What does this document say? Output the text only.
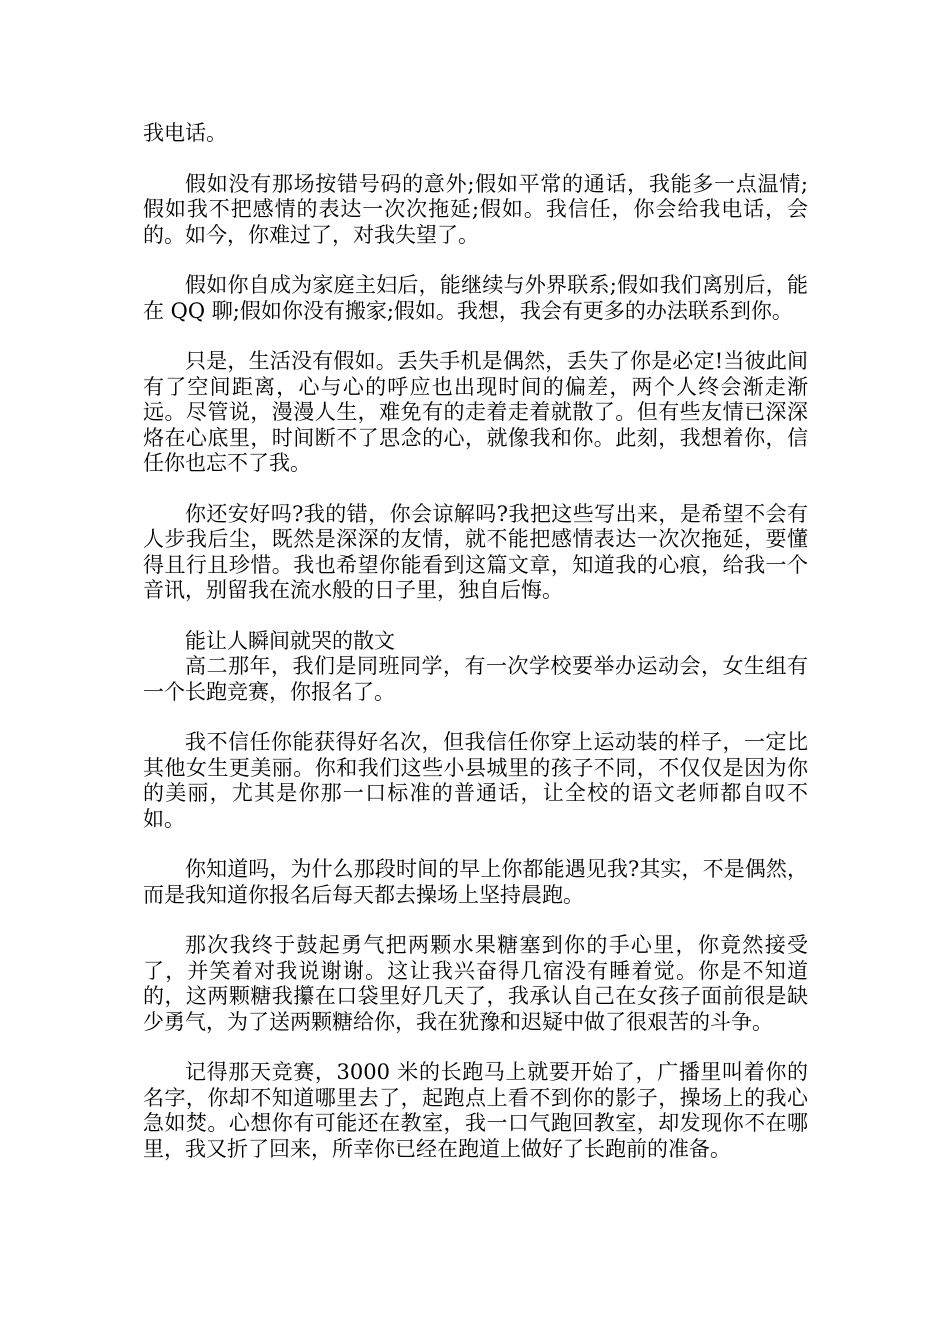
我电话。

假如没有那场按错号码的意外;假如平常的通话，我能多一点温情;假如我不把感情的表达一次次拖延;假如。我信任，你会给我电话，会的。如今，你难过了，对我失望了。

假如你自成为家庭主妇后，能继续与外界联系;假如我们离别后，能在 QQ 聊;假如你没有搬家;假如。我想，我会有更多的办法联系到你。

只是，生活没有假如。丢失手机是偶然，丢失了你是必定!当彼此间有了空间距离，心与心的呼应也出现时间的偏差，两个人终会渐走渐远。尽管说，漫漫人生，难免有的走着走着就散了。但有些友情已深深烙在心底里，时间断不了思念的心，就像我和你。此刻，我想着你，信任你也忘不了我。

你还安好吗?我的错，你会谅解吗?我把这些写出来，是希望不会有人步我后尘，既然是深深的友情，就不能把感情表达一次次拖延，要懂得且行且珍惜。我也希望你能看到这篇文章，知道我的心痕，给我一个音讯，别留我在流水般的日子里，独自后悔。

能让人瞬间就哭的散文

高二那年，我们是同班同学，有一次学校要举办运动会，女生组有一个长跑竞赛，你报名了。

我不信任你能获得好名次，但我信任你穿上运动装的样子，一定比其他女生更美丽。你和我们这些小县城里的孩子不同，不仅仅是因为你的美丽，尤其是你那一口标准的普通话，让全校的语文老师都自叹不如。

你知道吗，为什么那段时间的早上你都能遇见我?其实，不是偶然，而是我知道你报名后每天都去操场上坚持晨跑。

那次我终于鼓起勇气把两颗水果糖塞到你的手心里，你竟然接受了，并笑着对我说谢谢。这让我兴奋得几宿没有睡着觉。你是不知道的，这两颗糖我攥在口袋里好几天了，我承认自己在女孩子面前很是缺少勇气，为了送两颗糖给你，我在犹豫和迟疑中做了很艰苦的斗争。

记得那天竞赛，3000 米的长跑马上就要开始了，广播里叫着你的名字，你却不知道哪里去了，起跑点上看不到你的影子，操场上的我心急如焚。心想你有可能还在教室，我一口气跑回教室，却发现你不在哪里，我又折了回来，所幸你已经在跑道上做好了长跑前的准备。
